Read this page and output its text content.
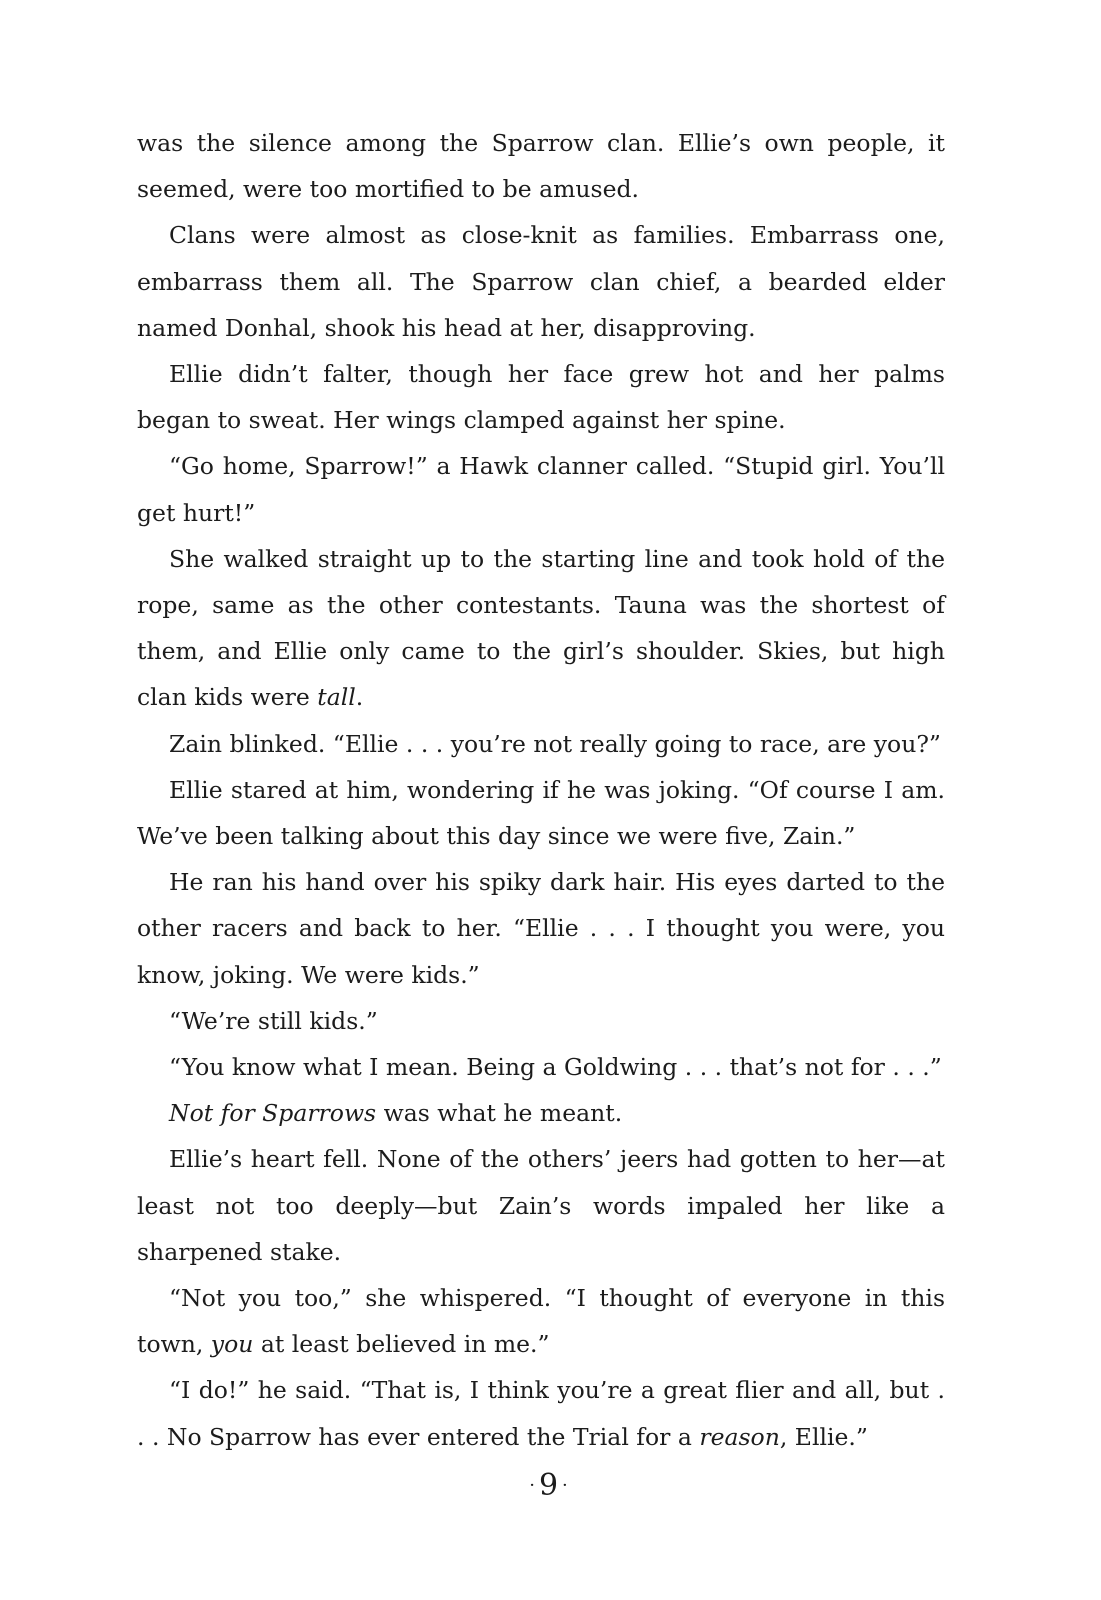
was the silence among the Sparrow clan. Ellie’s own people, it seemed, were too mortified to be amused.

Clans were almost as close-knit as families. Embarrass one, embarrass them all. The Sparrow clan chief, a bearded elder named Donhal, shook his head at her, disapproving.

Ellie didn’t falter, though her face grew hot and her palms began to sweat. Her wings clamped against her spine.

“Go home, Sparrow!” a Hawk clanner called. “Stupid girl. You’ll get hurt!”

She walked straight up to the starting line and took hold of the rope, same as the other contestants. Tauna was the shortest of them, and Ellie only came to the girl’s shoulder. Skies, but high clan kids were tall.

Zain blinked. “Ellie . . . you’re not really going to race, are you?”

Ellie stared at him, wondering if he was joking. “Of course I am. We’ve been talking about this day since we were five, Zain.”

He ran his hand over his spiky dark hair. His eyes darted to the other racers and back to her. “Ellie . . . I thought you were, you know, joking. We were kids.”

“We’re still kids.”

“You know what I mean. Being a Goldwing . . . that’s not for . . .”

Not for Sparrows was what he meant.

Ellie’s heart fell. None of the others’ jeers had gotten to her—at least not too deeply—but Zain’s words impaled her like a sharpened stake.

“Not you too,” she whispered. “I thought of everyone in this town, you at least believed in me.”

“I do!” he said. “That is, I think you’re a great flier and all, but . . . No Sparrow has ever entered the Trial for a reason, Ellie.”

·9·
